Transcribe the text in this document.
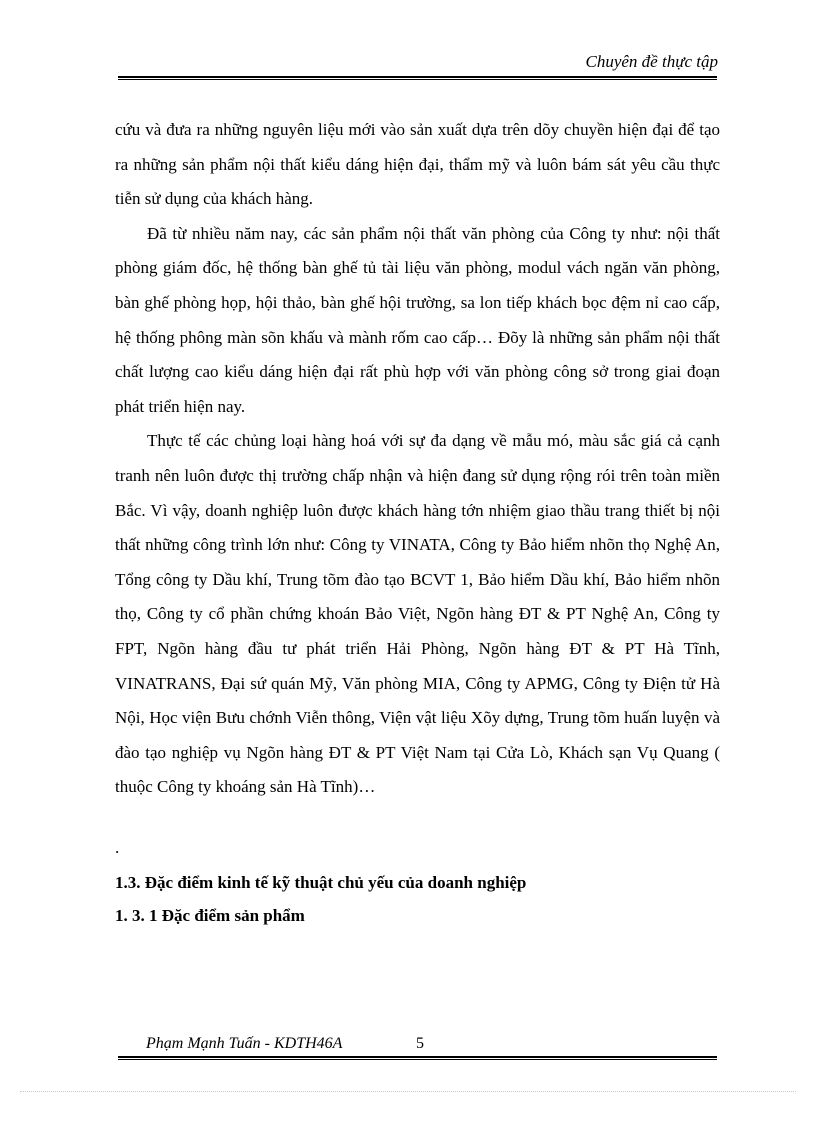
Chuyên đề thực tập

cứu và đưa ra những nguyên liệu mới vào sản xuất dựa trên dõy chuyền hiện đại để tạo ra những sản phẩm nội thất kiểu dáng hiện đại, thẩm mỹ và luôn bám sát yêu cầu thực tiễn sử dụng của khách hàng.

Đã từ nhiều năm nay, các sản phẩm nội thất văn phòng của Công ty như: nội thất phòng giám đốc, hệ thống bàn ghế tủ tài liệu văn phòng, modul vách ngăn văn phòng, bàn ghế phòng họp, hội thảo, bàn ghế hội trường, sa lon tiếp khách bọc đệm nỉ cao cấp, hệ thống phông màn sõn khấu và mành rốm cao cấp… Đõy là những sản phẩm nội thất chất lượng cao kiểu dáng hiện đại rất phù hợp với văn phòng công sở trong giai đoạn phát triển hiện nay.

Thực tế các chủng loại hàng hoá với sự đa dạng về mẫu mó, màu sắc giá cả cạnh tranh nên luôn được thị trường chấp nhận và hiện đang sử dụng rộng rói trên toàn miền Bắc. Vì vậy, doanh nghiệp luôn được khách hàng tớn nhiệm giao thầu trang thiết bị nội thất những công trình lớn như: Công ty VINATA, Công ty Bảo hiểm nhõn thọ Nghệ An, Tổng công ty Dầu khí, Trung tõm đào tạo BCVT 1, Bảo hiểm Dầu khí, Bảo hiểm nhõn thọ, Công ty cổ phần chứng khoán Bảo Việt, Ngõn hàng ĐT & PT Nghệ An, Công ty FPT, Ngõn hàng đầu tư phát triển Hải Phòng, Ngõn hàng ĐT & PT Hà Tĩnh, VINATRANS, Đại sứ quán Mỹ, Văn phòng MIA, Công ty APMG, Công ty Điện tử Hà Nội, Học viện Bưu chớnh Viễn thông, Viện vật liệu Xõy dựng, Trung tõm huấn luyện và đào tạo nghiệp vụ Ngõn hàng ĐT & PT Việt Nam tại Cửa Lò, Khách sạn Vụ Quang ( thuộc Công ty khoáng sản Hà Tĩnh)…

.
1.3. Đặc điểm kinh tế kỹ thuật chủ yếu của doanh nghiệp
1. 3. 1 Đặc điểm sản phẩm
Phạm Mạnh Tuấn - KDTH46A	5
